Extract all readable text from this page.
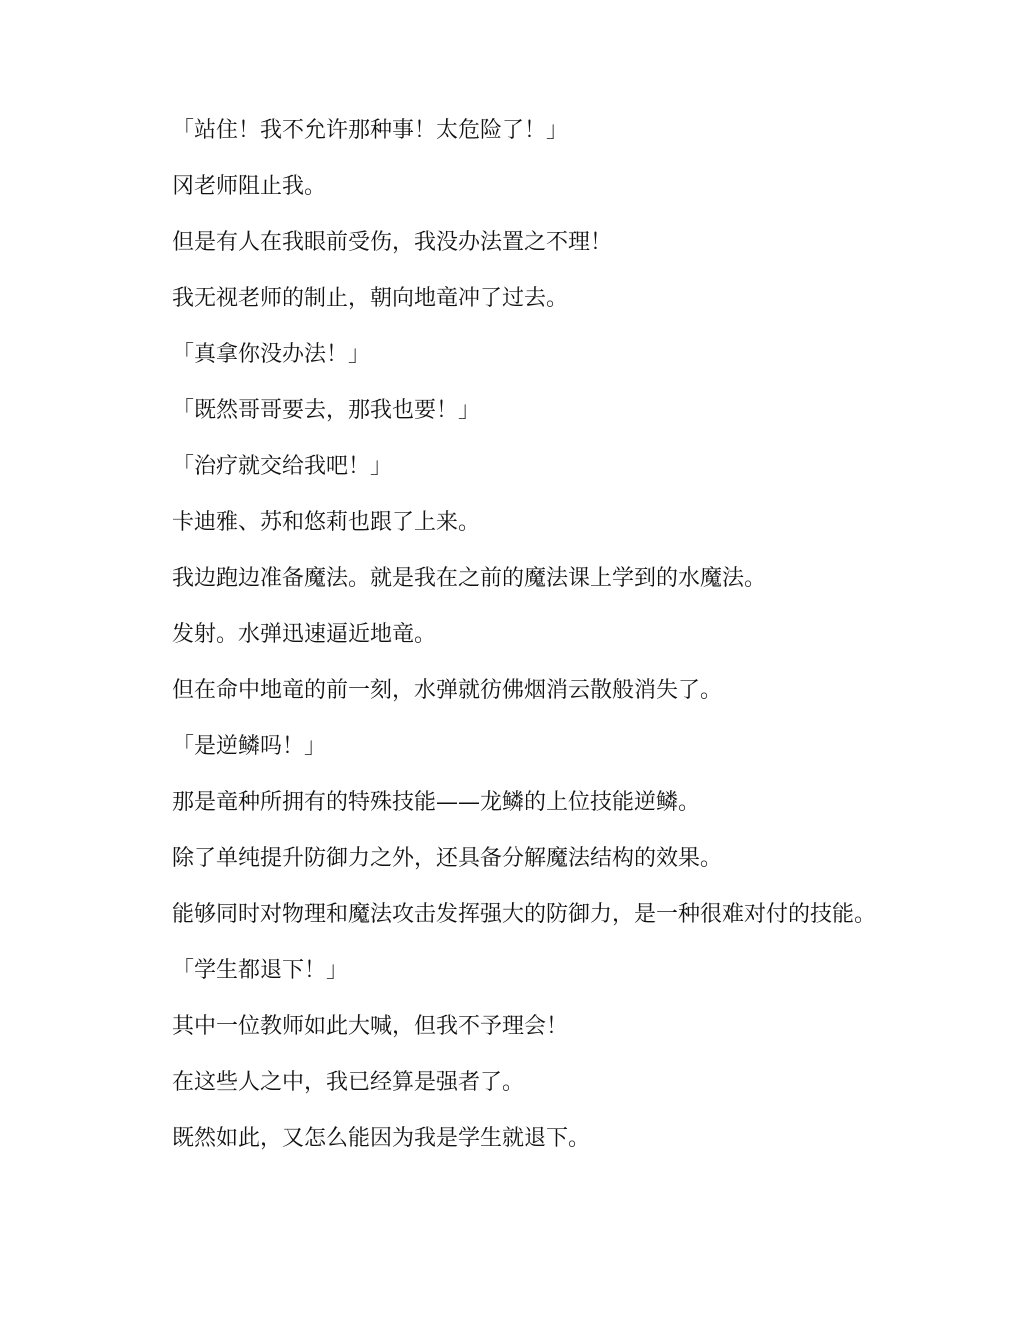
「站住！我不允许那种事！太危险了！」

冈老师阻止我。

但是有人在我眼前受伤，我没办法置之不理！

我无视老师的制止，朝向地竜冲了过去。

「真拿你没办法！」

「既然哥哥要去，那我也要！」

「治疗就交给我吧！」

卡迪雅、苏和悠莉也跟了上来。

我边跑边准备魔法。就是我在之前的魔法课上学到的水魔法。

发射。水弹迅速逼近地竜。

但在命中地竜的前一刻，水弹就彷佛烟消云散般消失了。

「是逆鳞吗！」

那是竜种所拥有的特殊技能——龙鳞的上位技能逆鳞。

除了单纯提升防御力之外，还具备分解魔法结构的效果。

能够同时对物理和魔法攻击发挥强大的防御力，是一种很难对付的技能。

「学生都退下！」

其中一位教师如此大喊，但我不予理会！

在这些人之中，我已经算是强者了。

既然如此，又怎么能因为我是学生就退下。
